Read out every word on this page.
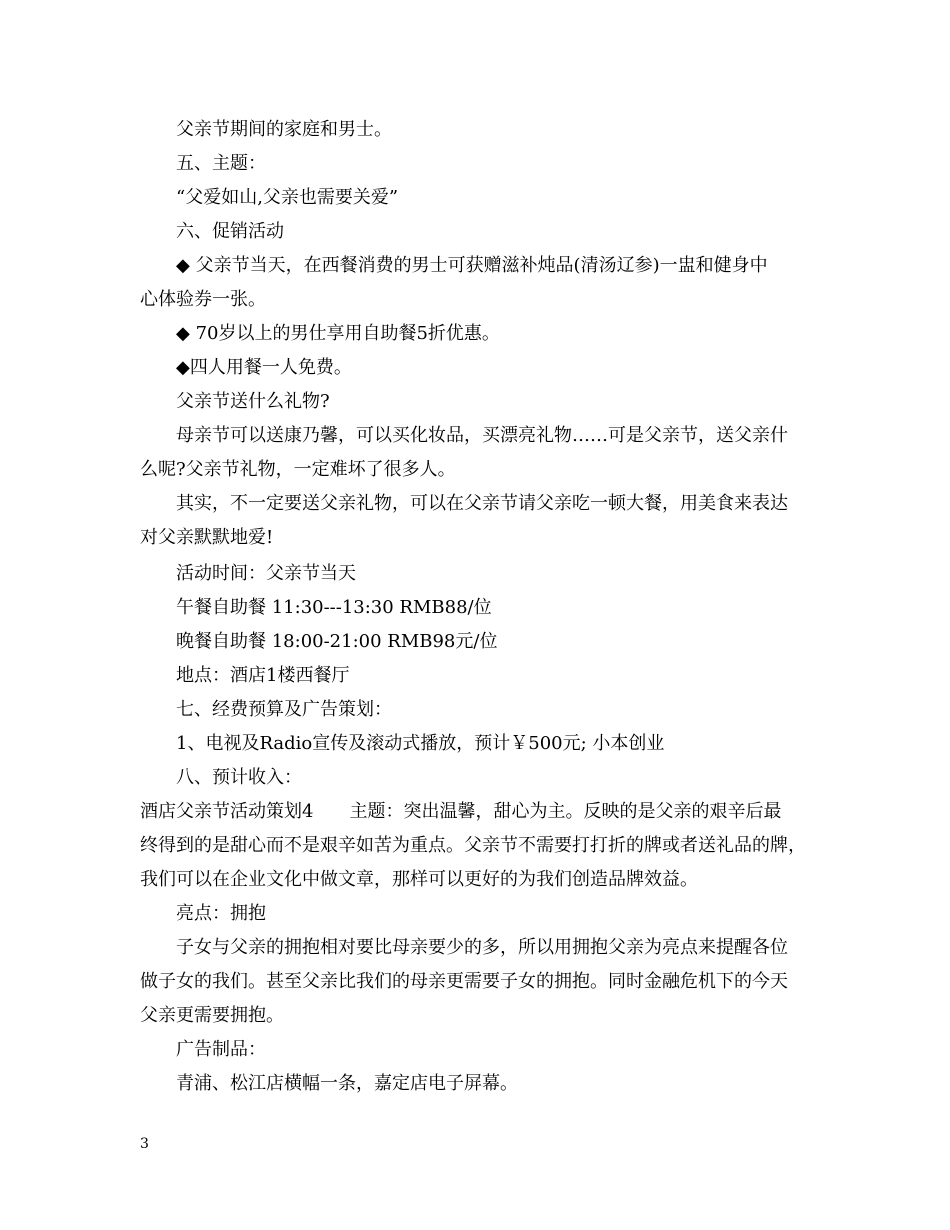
父亲节期间的家庭和男士。
五、主题：
“父爱如山,父亲也需要关爱”
六、促销活动
◆ 父亲节当天，在西餐消费的男士可获赠滋补炖品(清汤辽参)一盅和健身中
心体验券一张。
◆ 70岁以上的男仕享用自助餐5折优惠。
◆四人用餐一人免费。
父亲节送什么礼物?
母亲节可以送康乃馨，可以买化妆品，买漂亮礼物……可是父亲节，送父亲什
么呢?父亲节礼物，一定难坏了很多人。
其实，不一定要送父亲礼物，可以在父亲节请父亲吃一顿大餐，用美食来表达
对父亲默默地爱!
活动时间：父亲节当天
午餐自助餐 11:30---13:30 RMB88/位
晚餐自助餐 18:00-21:00 RMB98元/位
地点：酒店1楼西餐厅
七、经费预算及广告策划：
1、电视及Radio宣传及滚动式播放，预计￥500元; 小本创业
八、预计收入：
酒店父亲节活动策划4　　主题：突出温馨，甜心为主。反映的是父亲的艰辛后最
终得到的是甜心而不是艰辛如苦为重点。父亲节不需要打打折的牌或者送礼品的牌，
我们可以在企业文化中做文章，那样可以更好的为我们创造品牌效益。
亮点：拥抱
子女与父亲的拥抱相对要比母亲要少的多，所以用拥抱父亲为亮点来提醒各位
做子女的我们。甚至父亲比我们的母亲更需要子女的拥抱。同时金融危机下的今天
父亲更需要拥抱。
广告制品：
青浦、松江店横幅一条，嘉定店电子屏幕。
3
